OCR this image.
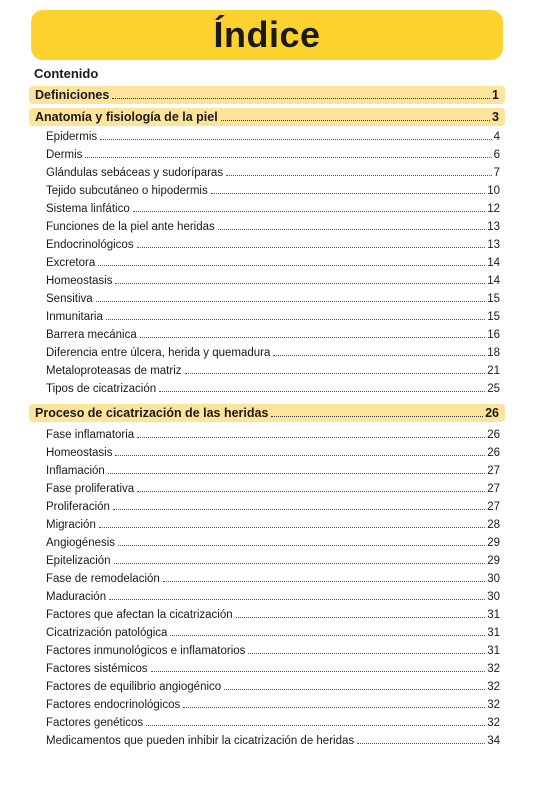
Índice
Contenido
Definiciones	1
Anatomía y fisiología de la piel	3
Epidermis	4
Dermis	6
Glándulas sebáceas y sudoríparas	7
Tejido subcutáneo o hipodermis	10
Sistema linfático	12
Funciones de la piel ante heridas	13
Endocrinológicos	13
Excretora	14
Homeostasis	14
Sensitiva	15
Inmunitaria	15
Barrera mecánica	16
Diferencia entre úlcera, herida y quemadura	18
Metaloproteasas de matriz	21
Tipos de cicatrización	25
Proceso de cicatrización de las heridas	26
Fase inflamatoria	26
Homeostasis	26
Inflamación	27
Fase proliferativa	27
Proliferación	27
Migración	28
Angiogénesis	29
Epitelización	29
Fase de remodelación	30
Maduración	30
Factores que afectan la cicatrización	31
Cicatrización patológica	31
Factores inmunológicos e inflamatorios	31
Factores sistémicos	32
Factores de equilibrio angiogénico	32
Factores endocrinológicos	32
Factores genéticos	32
Medicamentos que pueden inhibir la cicatrización de heridas	34
